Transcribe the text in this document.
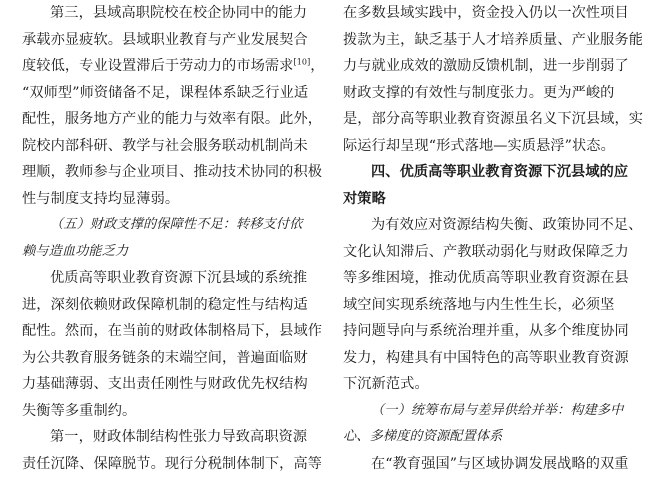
第三，县域高职院校在校企协同中的能力
承载亦显疲软。县域职业教育与产业发展契合
度较低，专业设置滞后于劳动力的市场需求[10]，
“双师型”师资储备不足，课程体系缺乏行业适
配性，服务地方产业的能力与效率有限。此外，
院校内部科研、教学与社会服务联动机制尚未
理顺，教师参与企业项目、推动技术协同的积极
性与制度支持均显薄弱。
（五）财政支撑的保障性不足：转移支付依
赖与造血功能乏力
优质高等职业教育资源下沉县域的系统推
进，深刻依赖财政保障机制的稳定性与结构适
配性。然而，在当前的财政体制格局下，县域作
为公共教育服务链条的末端空间，普遍面临财
力基础薄弱、支出责任刚性与财政优先权结构
失衡等多重制约。
第一，财政体制结构性张力导致高职资源
责任沉降、保障脱节。现行分税制体制下，高等
在多数县域实践中，资金投入仍以一次性项目
拨款为主，缺乏基于人才培养质量、产业服务能
力与就业成效的激励反馈机制，进一步削弱了
财政支撑的有效性与制度张力。更为严峻的
是，部分高等职业教育资源虽名义下沉县域，实
际运行却呈现“形式落地—实质悬浮”状态。
四、优质高等职业教育资源下沉县域的应
对策略
为有效应对资源结构失衡、政策协同不足、
文化认知滞后、产教联动弱化与财政保障乏力
等多维困境，推动优质高等职业教育资源在县
域空间实现系统落地与内生性生长，必须坚
持问题导向与系统治理并重，从多个维度协同
发力，构建具有中国特色的高等职业教育资源
下沉新范式。
（一）统筹布局与差异供给并举：构建多中
心、多梯度的资源配置体系
在“教育强国”与区域协调发展战略的双重
